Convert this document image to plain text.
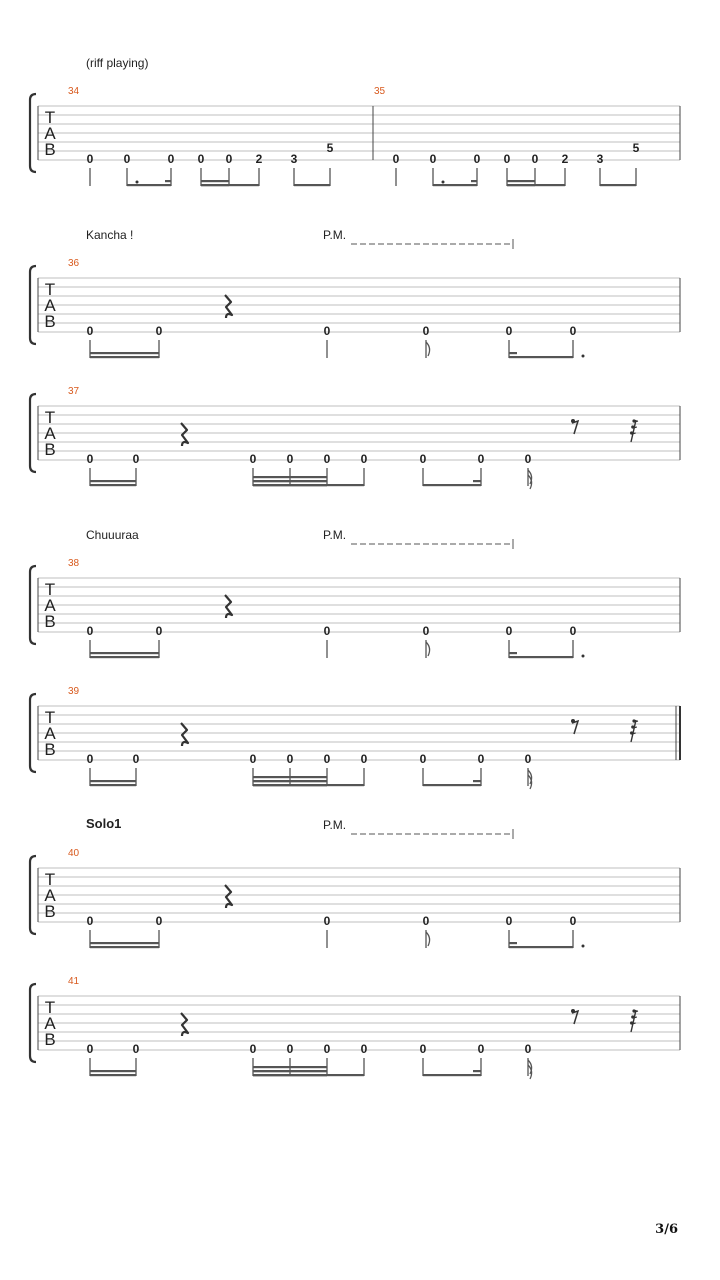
T
A
B
34	35
(riff playing)
0	0	0 0 0 2 3
5
0	0	0 0 0 2 3
5
T
A
B
36
Kancha !	P.M.
0	0	0	0	0	0
T
A
B
37
0	0	0	0	0	0	0	0	0
T
A
B
38
Chuuuraa	P.M.
0	0	0	0	0	0
T
A
B
39
0	0	0	0	0	0	0	0	0
T
A
B
40
Solo1	P.M.
0	0	0	0	0	0
T
A
B
41
0	0	0	0	0	0	0	0	0
3/6
